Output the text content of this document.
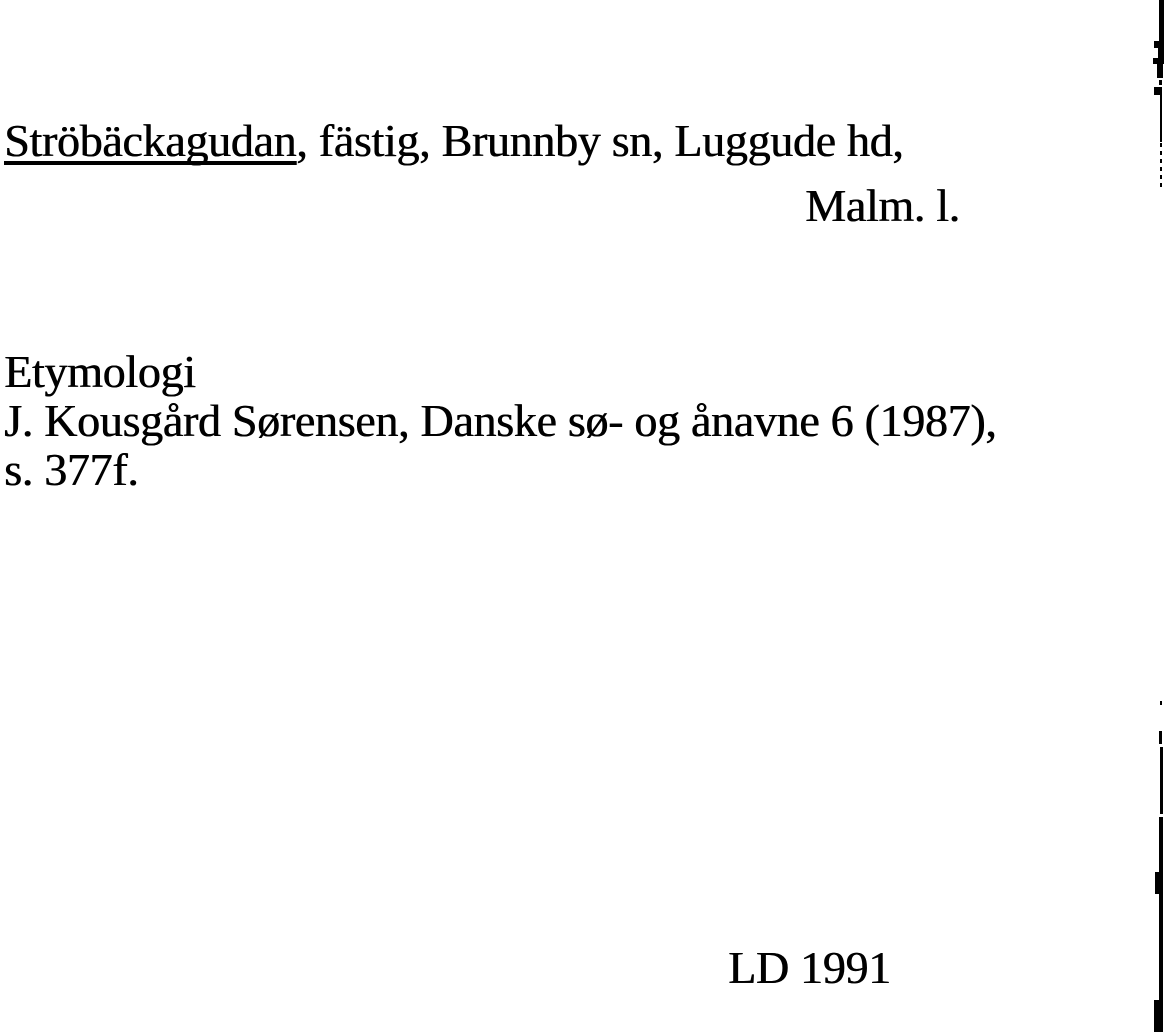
Ströbäckagudan, fästig, Brunnby sn, Luggude hd,
Malm. l.
Etymologi
J. Kousgård Sørensen, Danske sø- og ånavne 6 (1987),
s. 377f.
LD 1991
